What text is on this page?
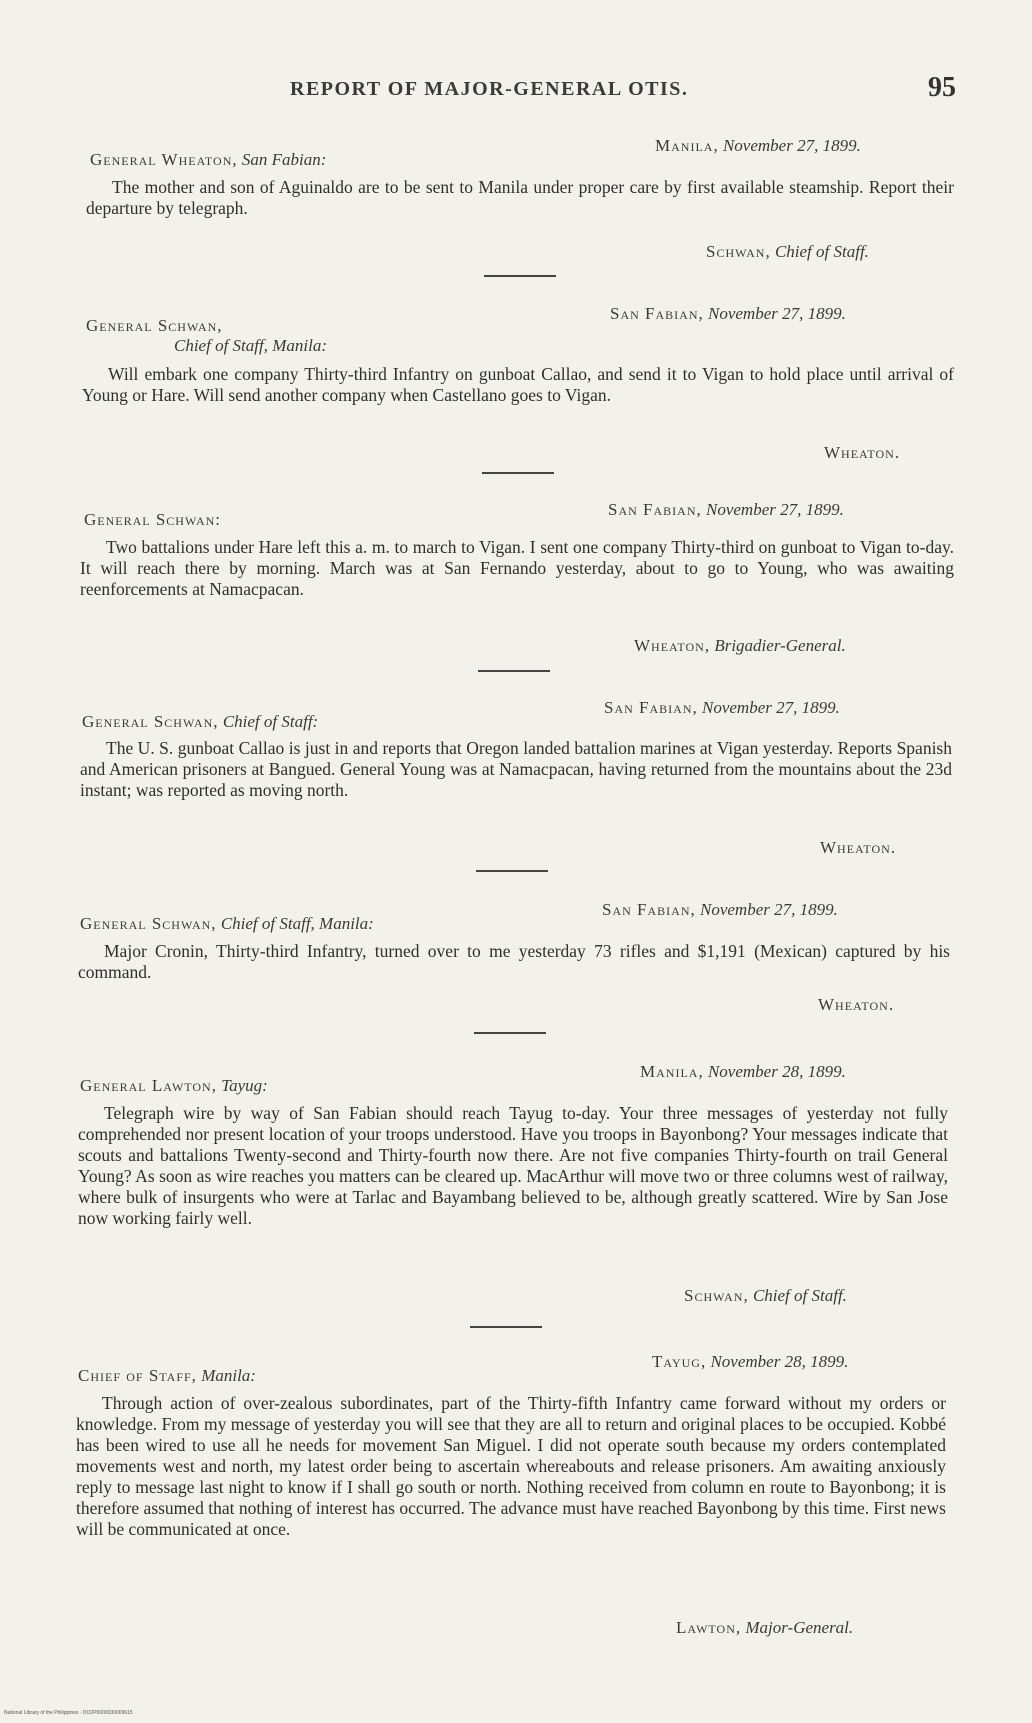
REPORT OF MAJOR-GENERAL OTIS.	95
Manila, November 27, 1899.
General Wheaton, San Fabian:
The mother and son of Aguinaldo are to be sent to Manila under proper care by first available steamship. Report their departure by telegraph.
Schwan, Chief of Staff.
San Fabian, November 27, 1899.
General Schwan,
Chief of Staff, Manila:
Will embark one company Thirty-third Infantry on gunboat Callao, and send it to Vigan to hold place until arrival of Young or Hare. Will send another company when Castellano goes to Vigan.
Wheaton.
San Fabian, November 27, 1899.
General Schwan:
Two battalions under Hare left this a. m. to march to Vigan. I sent one company Thirty-third on gunboat to Vigan to-day. It will reach there by morning. March was at San Fernando yesterday, about to go to Young, who was awaiting reenforcements at Namacpacan.
Wheaton, Brigadier-General.
San Fabian, November 27, 1899.
General Schwan, Chief of Staff:
The U. S. gunboat Callao is just in and reports that Oregon landed battalion marines at Vigan yesterday. Reports Spanish and American prisoners at Bangued. General Young was at Namacpacan, having returned from the mountains about the 23d instant; was reported as moving north.
Wheaton.
San Fabian, November 27, 1899.
General Schwan, Chief of Staff, Manila:
Major Cronin, Thirty-third Infantry, turned over to me yesterday 73 rifles and $1,191 (Mexican) captured by his command.
Wheaton.
Manila, November 28, 1899.
General Lawton, Tayug:
Telegraph wire by way of San Fabian should reach Tayug to-day. Your three messages of yesterday not fully comprehended nor present location of your troops understood. Have you troops in Bayonbong? Your messages indicate that scouts and battalions Twenty-second and Thirty-fourth now there. Are not five companies Thirty-fourth on trail General Young? As soon as wire reaches you matters can be cleared up. MacArthur will move two or three columns west of railway, where bulk of insurgents who were at Tarlac and Bayambang believed to be, although greatly scattered. Wire by San Jose now working fairly well.
Schwan, Chief of Staff.
Tayug, November 28, 1899.
Chief of Staff, Manila:
Through action of over-zealous subordinates, part of the Thirty-fifth Infantry came forward without my orders or knowledge. From my message of yesterday you will see that they are all to return and original places to be occupied. Kobbé has been wired to use all he needs for movement San Miguel. I did not operate south because my orders contemplated movements west and north, my latest order being to ascertain whereabouts and release prisoners. Am awaiting anxiously reply to message last night to know if I shall go south or north. Nothing received from column en route to Bayonbong; it is therefore assumed that nothing of interest has occurred. The advance must have reached Bayonbong by this time. First news will be communicated at once.
Lawton, Major-General.
National Library of the Philippines · DO2P0000030009615
